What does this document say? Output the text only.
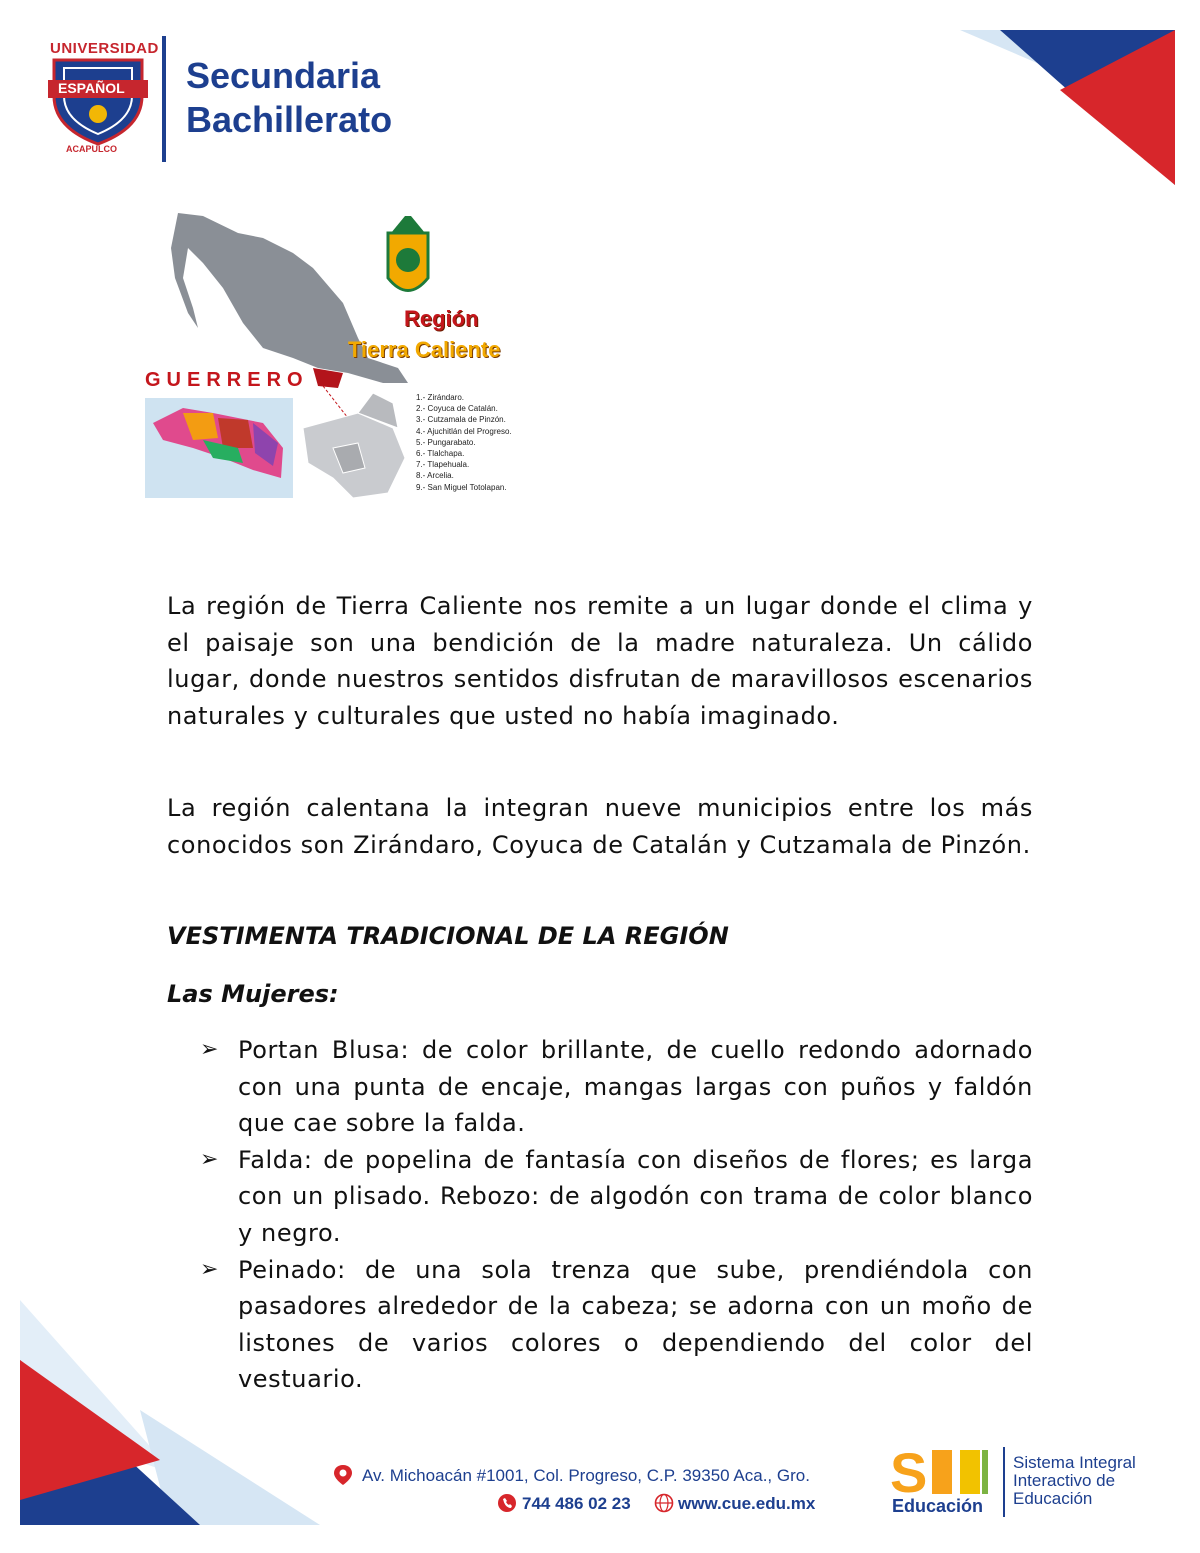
UNIVERSIDAD
ESPAÑOL
ACAPULCO
Secundaria
Bachillerato
Región
Tierra Caliente
GUERRERO
1.- Zirándaro.
2.- Coyuca de Catalán.
3.- Cutzamala de Pinzón.
4.- Ajuchitlán del Progreso.
5.- Pungarabato.
6.- Tlalchapa.
7.- Tlapehuala.
8.- Arcelia.
9.- San Miguel Totolapan.

La región de Tierra Caliente nos remite a un lugar donde el clima y el paisaje son una bendición de la madre naturaleza. Un cálido lugar, donde nuestros sentidos disfrutan de maravillosos escenarios naturales y culturales que usted no había imaginado.

La región calentana la integran nueve municipios entre los más conocidos son Zirándaro, Coyuca de Catalán y Cutzamala de Pinzón.

VESTIMENTA TRADICIONAL DE LA REGIÓN
Las Mujeres:
➢ Portan Blusa: de color brillante, de cuello redondo adornado con una punta de encaje, mangas largas con puños y faldón que cae sobre la falda.
➢ Falda: de popelina de fantasía con diseños de flores; es larga con un plisado. Rebozo: de algodón con trama de color blanco y negro.
➢ Peinado: de una sola trenza que sube, prendiéndola con pasadores alrededor de la cabeza; se adorna con un moño de listones de varios colores o dependiendo del color del vestuario.
Av. Michoacán #1001, Col. Progreso, C.P. 39350 Aca., Gro.
744 486 02 23	www.cue.edu.mx S
Educación
Sistema Integral
Interactivo de
Educación
